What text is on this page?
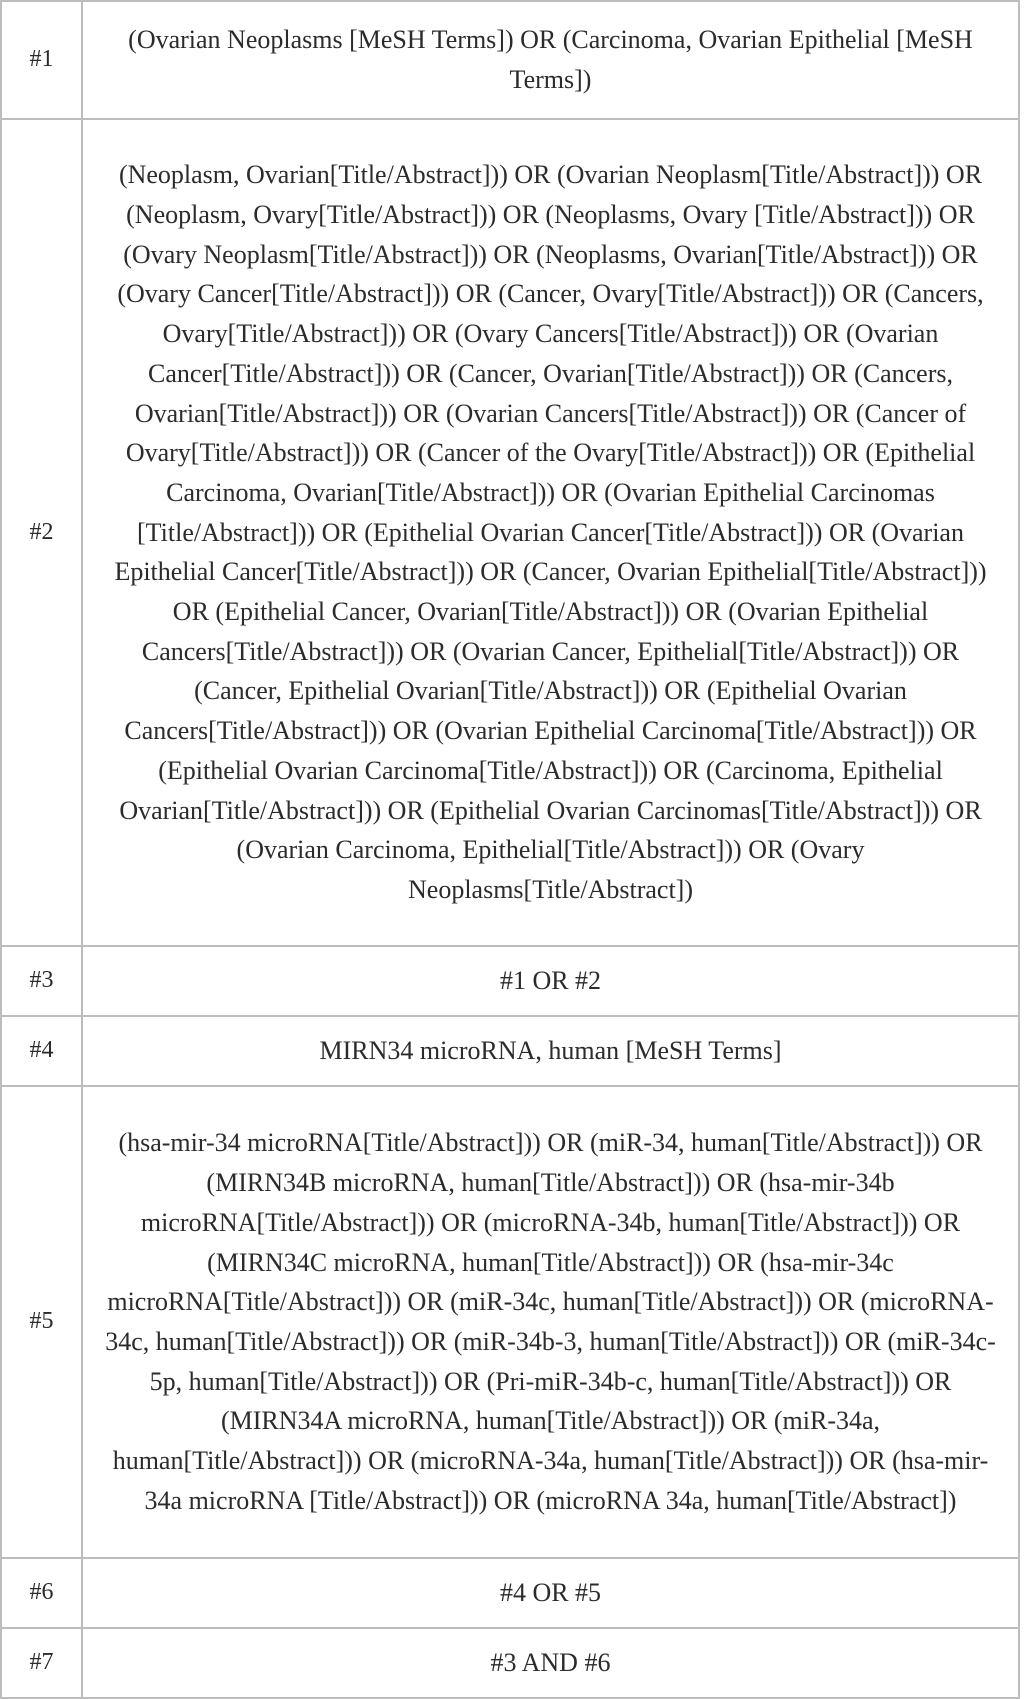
#1	(Ovarian Neoplasms [MeSH Terms]) OR (Carcinoma, Ovarian Epithelial [MeSH Terms])
#2	(Neoplasm, Ovarian[Title/Abstract])) OR (Ovarian Neoplasm[Title/Abstract])) OR (Neoplasm, Ovary[Title/Abstract])) OR (Neoplasms, Ovary [Title/Abstract])) OR (Ovary Neoplasm[Title/Abstract])) OR (Neoplasms, Ovarian[Title/Abstract])) OR (Ovary Cancer[Title/Abstract])) OR (Cancer, Ovary[Title/Abstract])) OR (Cancers, Ovary[Title/Abstract])) OR (Ovary Cancers[Title/Abstract])) OR (Ovarian Cancer[Title/Abstract])) OR (Cancer, Ovarian[Title/Abstract])) OR (Cancers, Ovarian[Title/Abstract])) OR (Ovarian Cancers[Title/Abstract])) OR (Cancer of Ovary[Title/Abstract])) OR (Cancer of the Ovary[Title/Abstract])) OR (Epithelial Carcinoma, Ovarian[Title/Abstract])) OR (Ovarian Epithelial Carcinomas [Title/Abstract])) OR (Epithelial Ovarian Cancer[Title/Abstract])) OR (Ovarian Epithelial Cancer[Title/Abstract])) OR (Cancer, Ovarian Epithelial[Title/Abstract])) OR (Epithelial Cancer, Ovarian[Title/Abstract])) OR (Ovarian Epithelial Cancers[Title/Abstract])) OR (Ovarian Cancer, Epithelial[Title/Abstract])) OR (Cancer, Epithelial Ovarian[Title/Abstract])) OR (Epithelial Ovarian Cancers[Title/Abstract])) OR (Ovarian Epithelial Carcinoma[Title/Abstract])) OR (Epithelial Ovarian Carcinoma[Title/Abstract])) OR (Carcinoma, Epithelial Ovarian[Title/Abstract])) OR (Epithelial Ovarian Carcinomas[Title/Abstract])) OR (Ovarian Carcinoma, Epithelial[Title/Abstract])) OR (Ovary Neoplasms[Title/Abstract])
#3	#1 OR #2
#4	MIRN34 microRNA, human [MeSH Terms]
#5	(hsa-mir-34 microRNA[Title/Abstract])) OR (miR-34, human[Title/Abstract])) OR (MIRN34B microRNA, human[Title/Abstract])) OR (hsa-mir-34b microRNA[Title/Abstract])) OR (microRNA-34b, human[Title/Abstract])) OR (MIRN34C microRNA, human[Title/Abstract])) OR (hsa-mir-34c microRNA[Title/Abstract])) OR (miR-34c, human[Title/Abstract])) OR (microRNA-34c, human[Title/Abstract])) OR (miR-34b-3, human[Title/Abstract])) OR (miR-34c-5p, human[Title/Abstract])) OR (Pri-miR-34b-c, human[Title/Abstract])) OR (MIRN34A microRNA, human[Title/Abstract])) OR (miR-34a, human[Title/Abstract])) OR (microRNA-34a, human[Title/Abstract])) OR (hsa-mir-34a microRNA [Title/Abstract])) OR (microRNA 34a, human[Title/Abstract])
#6	#4 OR #5
#7	#3 AND #6
